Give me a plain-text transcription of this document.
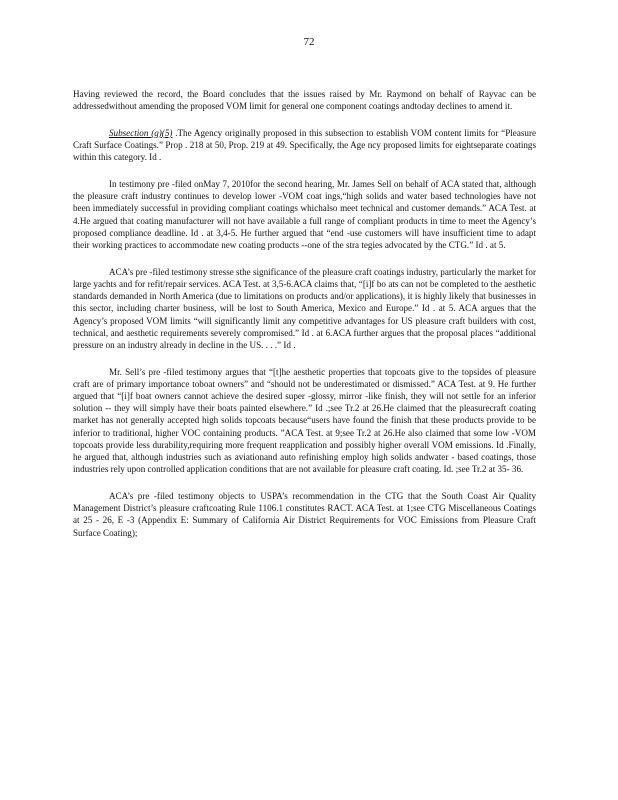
72

Having reviewed the record, the Board concludes that the issues raised by Mr. Raymond on behalf of Rayvac can be addressedwithout amending the proposed VOM limit for general one component coatings andtoday declines to amend it.

Subsection (g)(5) .The Agency originally proposed in this subsection to establish VOM content limits for “Pleasure Craft Surface Coatings.” Prop . 218 at 50, Prop. 219 at 49. Specifically, the Age ncy proposed limits for eightseparate coatings within this category. Id .

In testimony pre -filed onMay 7, 2010for the second hearing, Mr. James Sell on behalf of ACA stated that, although the pleasure craft industry continues to develop lower -VOM coat ings,“high solids and water based technologies have not been immediately successful in providing compliant coatings whichalso meet technical and customer demands.” ACA Test. at 4.He argued that coating manufacturer will not have available a full range of compliant products in time to meet the Agency’s proposed compliance deadline. Id . at 3,4-5. He further argued that “end -use customers will have insufficient time to adapt their working practices to accommodate new coating products --one of the stra tegies advocated by the CTG.” Id . at 5.

ACA’s pre -filed testimony stresse sthe significance of the pleasure craft coatings industry, particularly the market for large yachts and for refit/repair services. ACA Test. at 3,5-6.ACA claims that, “[i]f bo ats can not be completed to the aesthetic standards demanded in North America (due to limitations on products and/or applications), it is highly likely that businesses in this sector, including charter business, will be lost to South America, Mexico and Europe.” Id . at 5. ACA argues that the Agency’s proposed VOM limits “will significantly limit any competitive advantages for US pleasure craft builders with cost, technical, and aesthetic requirements severely compromised.” Id . at 6.ACA further argues that the proposal places “additional pressure on an industry already in decline in the US. . . .” Id .

Mr. Sell’s pre -filed testimony argues that “[t]he aesthetic properties that topcoats give to the topsides of pleasure craft are of primary importance toboat owners” and “should not be underestimated or dismissed.” ACA Test. at 9. He further argued that “[i]f boat owners cannot achieve the desired super -glossy, mirror -like finish, they will not settle for an inferior solution -- they will simply have their boats painted elsewhere.” Id .;see Tr.2 at 26.He claimed that the pleasurecraft coating market has not generally accepted high solids topcoats because“users have found the finish that these products provide to be inferior to traditional, higher VOC containing products. ”ACA Test. at 9;see Tr.2 at 26.He also claimed that some low -VOM topcoats provide less durability,requiring more frequent reapplication and possibly higher overall VOM emissions. Id .Finally, he argued that, although industries such as aviationand auto refinishing employ high solids andwater - based coatings, those industries rely upon controlled application conditions that are not available for pleasure craft coating. Id. ;see Tr.2 at 35- 36.

ACA’s pre -filed testimony objects to USPA’s recommendation in the CTG that the South Coast Air Quality Management District’s pleasure craftcoating Rule 1106.1 constitutes RACT. ACA Test. at 1;see CTG Miscellaneous Coatings at 25 - 26, E -3 (Appendix E: Summary of California Air District Requirements for VOC Emissions from Pleasure Craft Surface Coating);
